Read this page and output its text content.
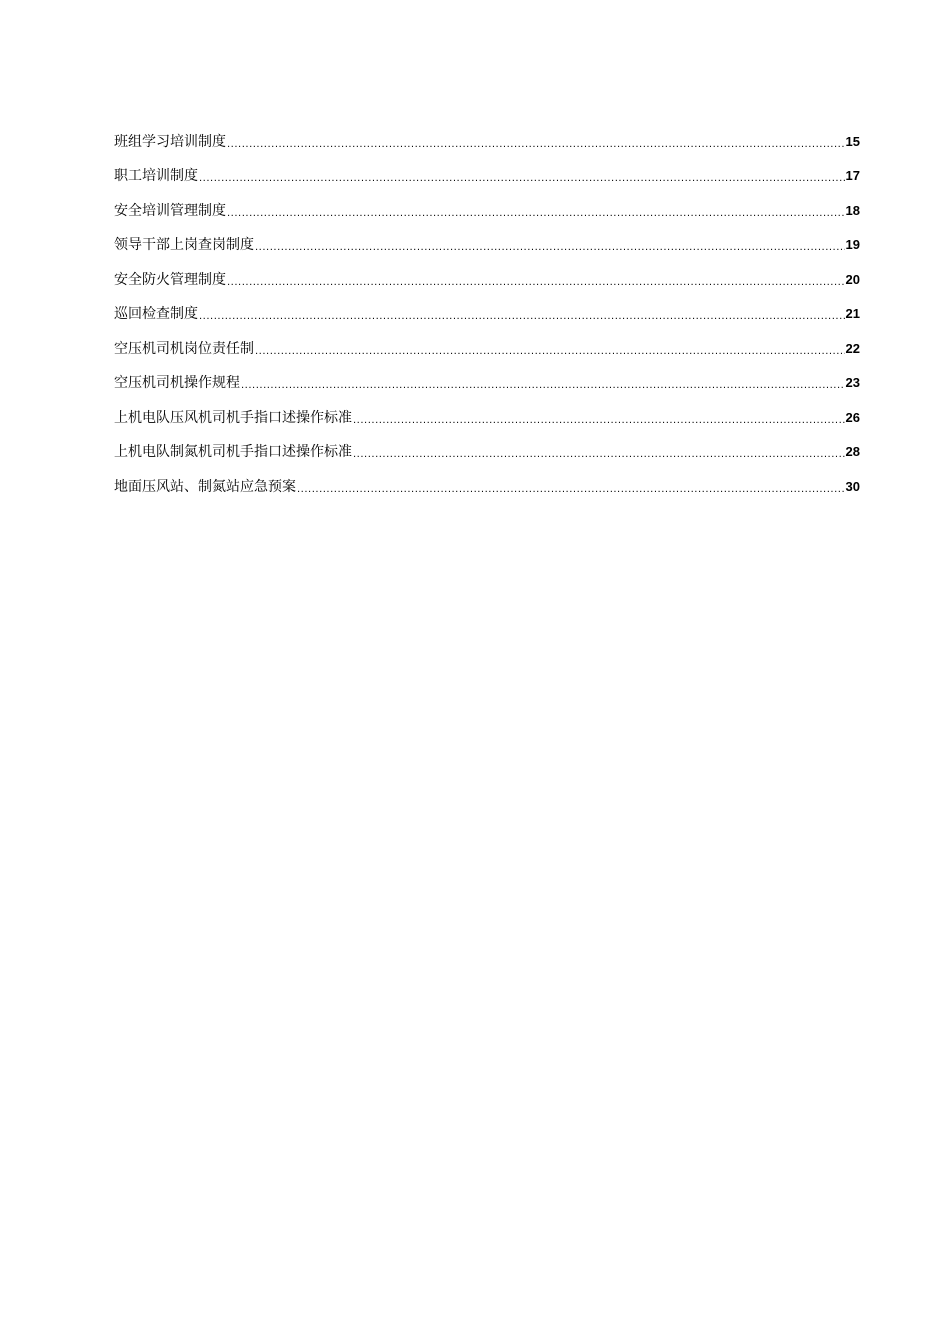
班组学习培训制度 .....	15
职工培训制度 .....	17
安全培训管理制度 .....	18
领导干部上岗查岗制度 .....	19
安全防火管理制度 .....	20
巡回检查制度 .....	21
空压机司机岗位责任制 .....	22
空压机司机操作规程 .....	23
上机电队压风机司机手指口述操作标准 .....	26
上机电队制氮机司机手指口述操作标准 .....	28
地面压风站、制氮站应急预案 .....	30
